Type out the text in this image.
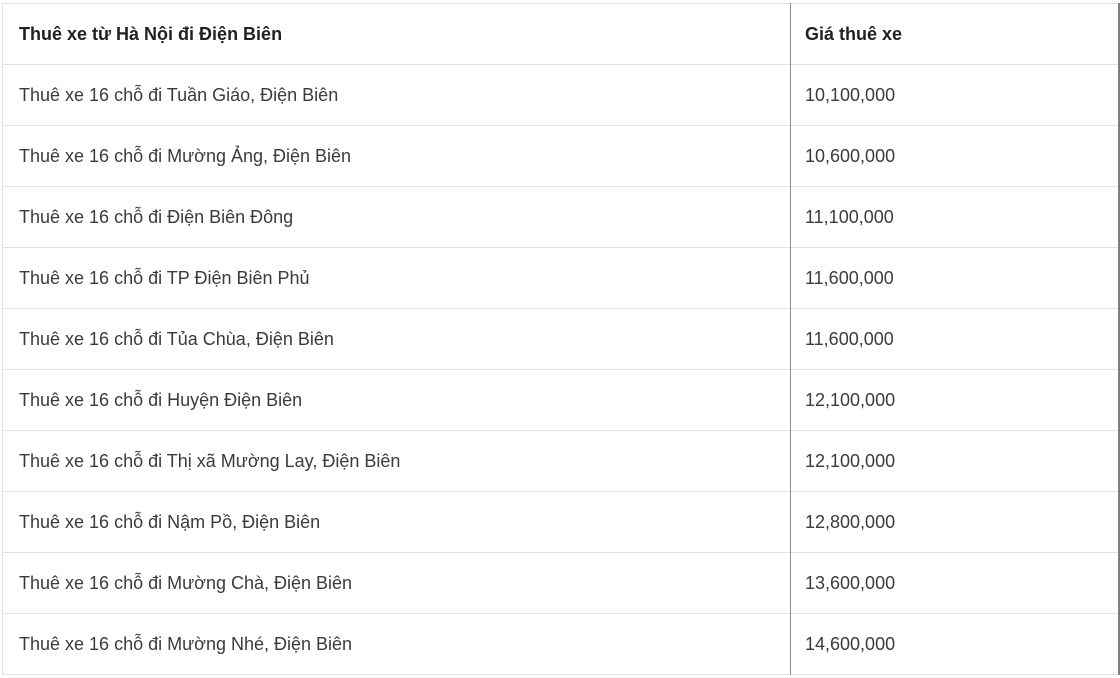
Thuê xe từ Hà Nội đi Điện Biên	Giá thuê xe
Thuê xe 16 chỗ đi Tuần Giáo, Điện Biên	10,100,000
Thuê xe 16 chỗ đi Mường Ảng, Điện Biên	10,600,000
Thuê xe 16 chỗ đi Điện Biên Đông	11,100,000
Thuê xe 16 chỗ đi TP Điện Biên Phủ	11,600,000
Thuê xe 16 chỗ đi Tủa Chùa, Điện Biên	11,600,000
Thuê xe 16 chỗ đi Huyện Điện Biên	12,100,000
Thuê xe 16 chỗ đi Thị xã Mường Lay, Điện Biên	12,100,000
Thuê xe 16 chỗ đi Nậm Pồ, Điện Biên	12,800,000
Thuê xe 16 chỗ đi Mường Chà, Điện Biên	13,600,000
Thuê xe 16 chỗ đi Mường Nhé, Điện Biên	14,600,000
